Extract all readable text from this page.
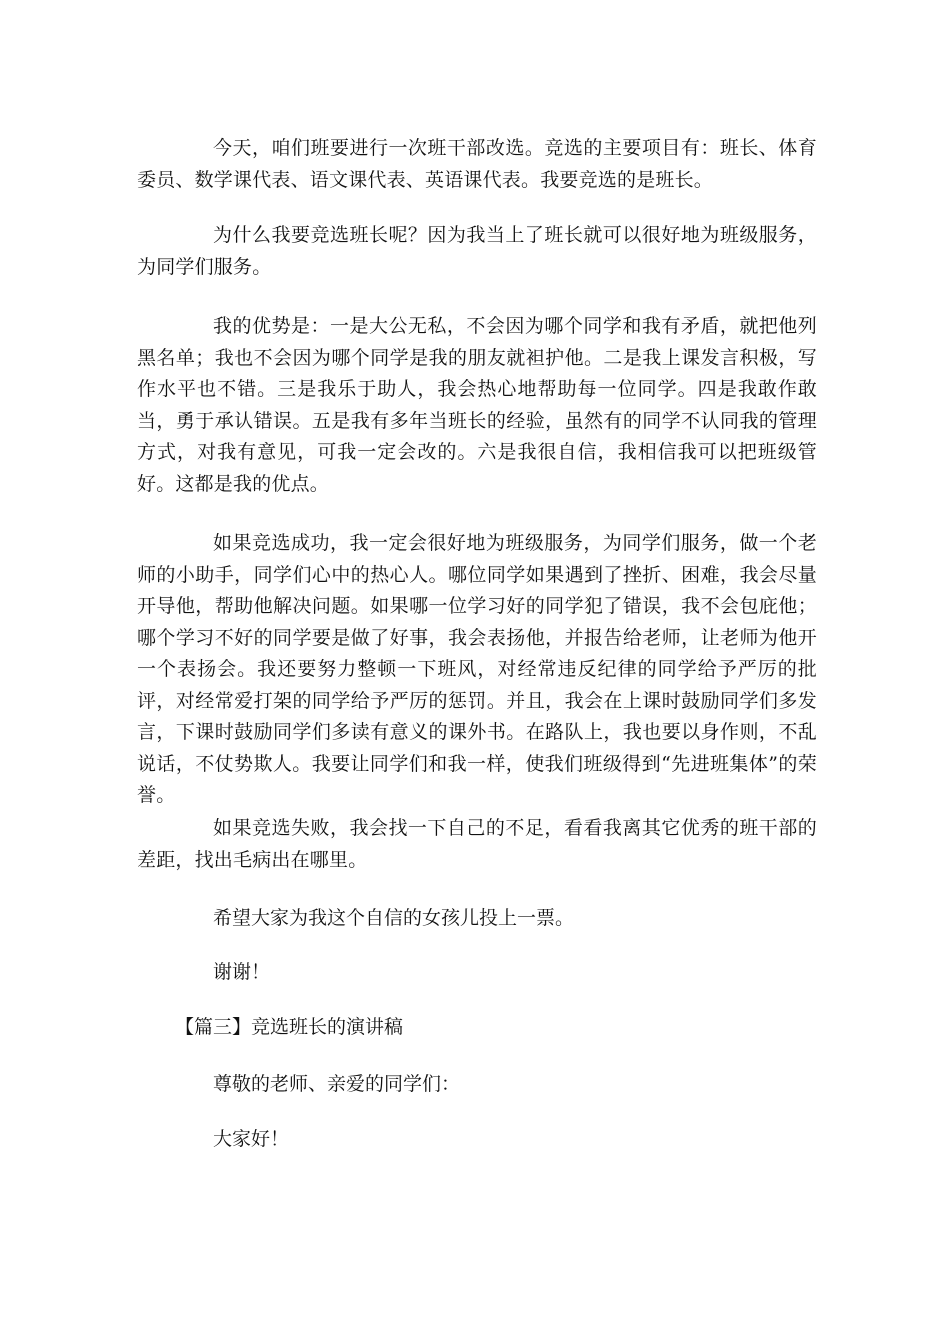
今天，咱们班要进行一次班干部改选。竞选的主要项目有：班长、体育委员、数学课代表、语文课代表、英语课代表。我要竞选的是班长。

为什么我要竞选班长呢？因为我当上了班长就可以很好地为班级服务，为同学们服务。

我的优势是：一是大公无私，不会因为哪个同学和我有矛盾，就把他列黑名单；我也不会因为哪个同学是我的朋友就袒护他。二是我上课发言积极，写作水平也不错。三是我乐于助人，我会热心地帮助每一位同学。四是我敢作敢当，勇于承认错误。五是我有多年当班长的经验，虽然有的同学不认同我的管理方式，对我有意见，可我一定会改的。六是我很自信，我相信我可以把班级管好。这都是我的优点。

如果竞选成功，我一定会很好地为班级服务，为同学们服务，做一个老师的小助手，同学们心中的热心人。哪位同学如果遇到了挫折、困难，我会尽量开导他，帮助他解决问题。如果哪一位学习好的同学犯了错误，我不会包庇他；哪个学习不好的同学要是做了好事，我会表扬他，并报告给老师，让老师为他开一个表扬会。我还要努力整顿一下班风，对经常违反纪律的同学给予严厉的批评，对经常爱打架的同学给予严厉的惩罚。并且，我会在上课时鼓励同学们多发言，下课时鼓励同学们多读有意义的课外书。在路队上，我也要以身作则，不乱说话，不仗势欺人。我要让同学们和我一样，使我们班级得到“先进班集体”的荣誉。

如果竞选失败，我会找一下自己的不足，看看我离其它优秀的班干部的差距，找出毛病出在哪里。

希望大家为我这个自信的女孩儿投上一票。

谢谢！

【篇三】竞选班长的演讲稿

尊敬的老师、亲爱的同学们：

大家好！
